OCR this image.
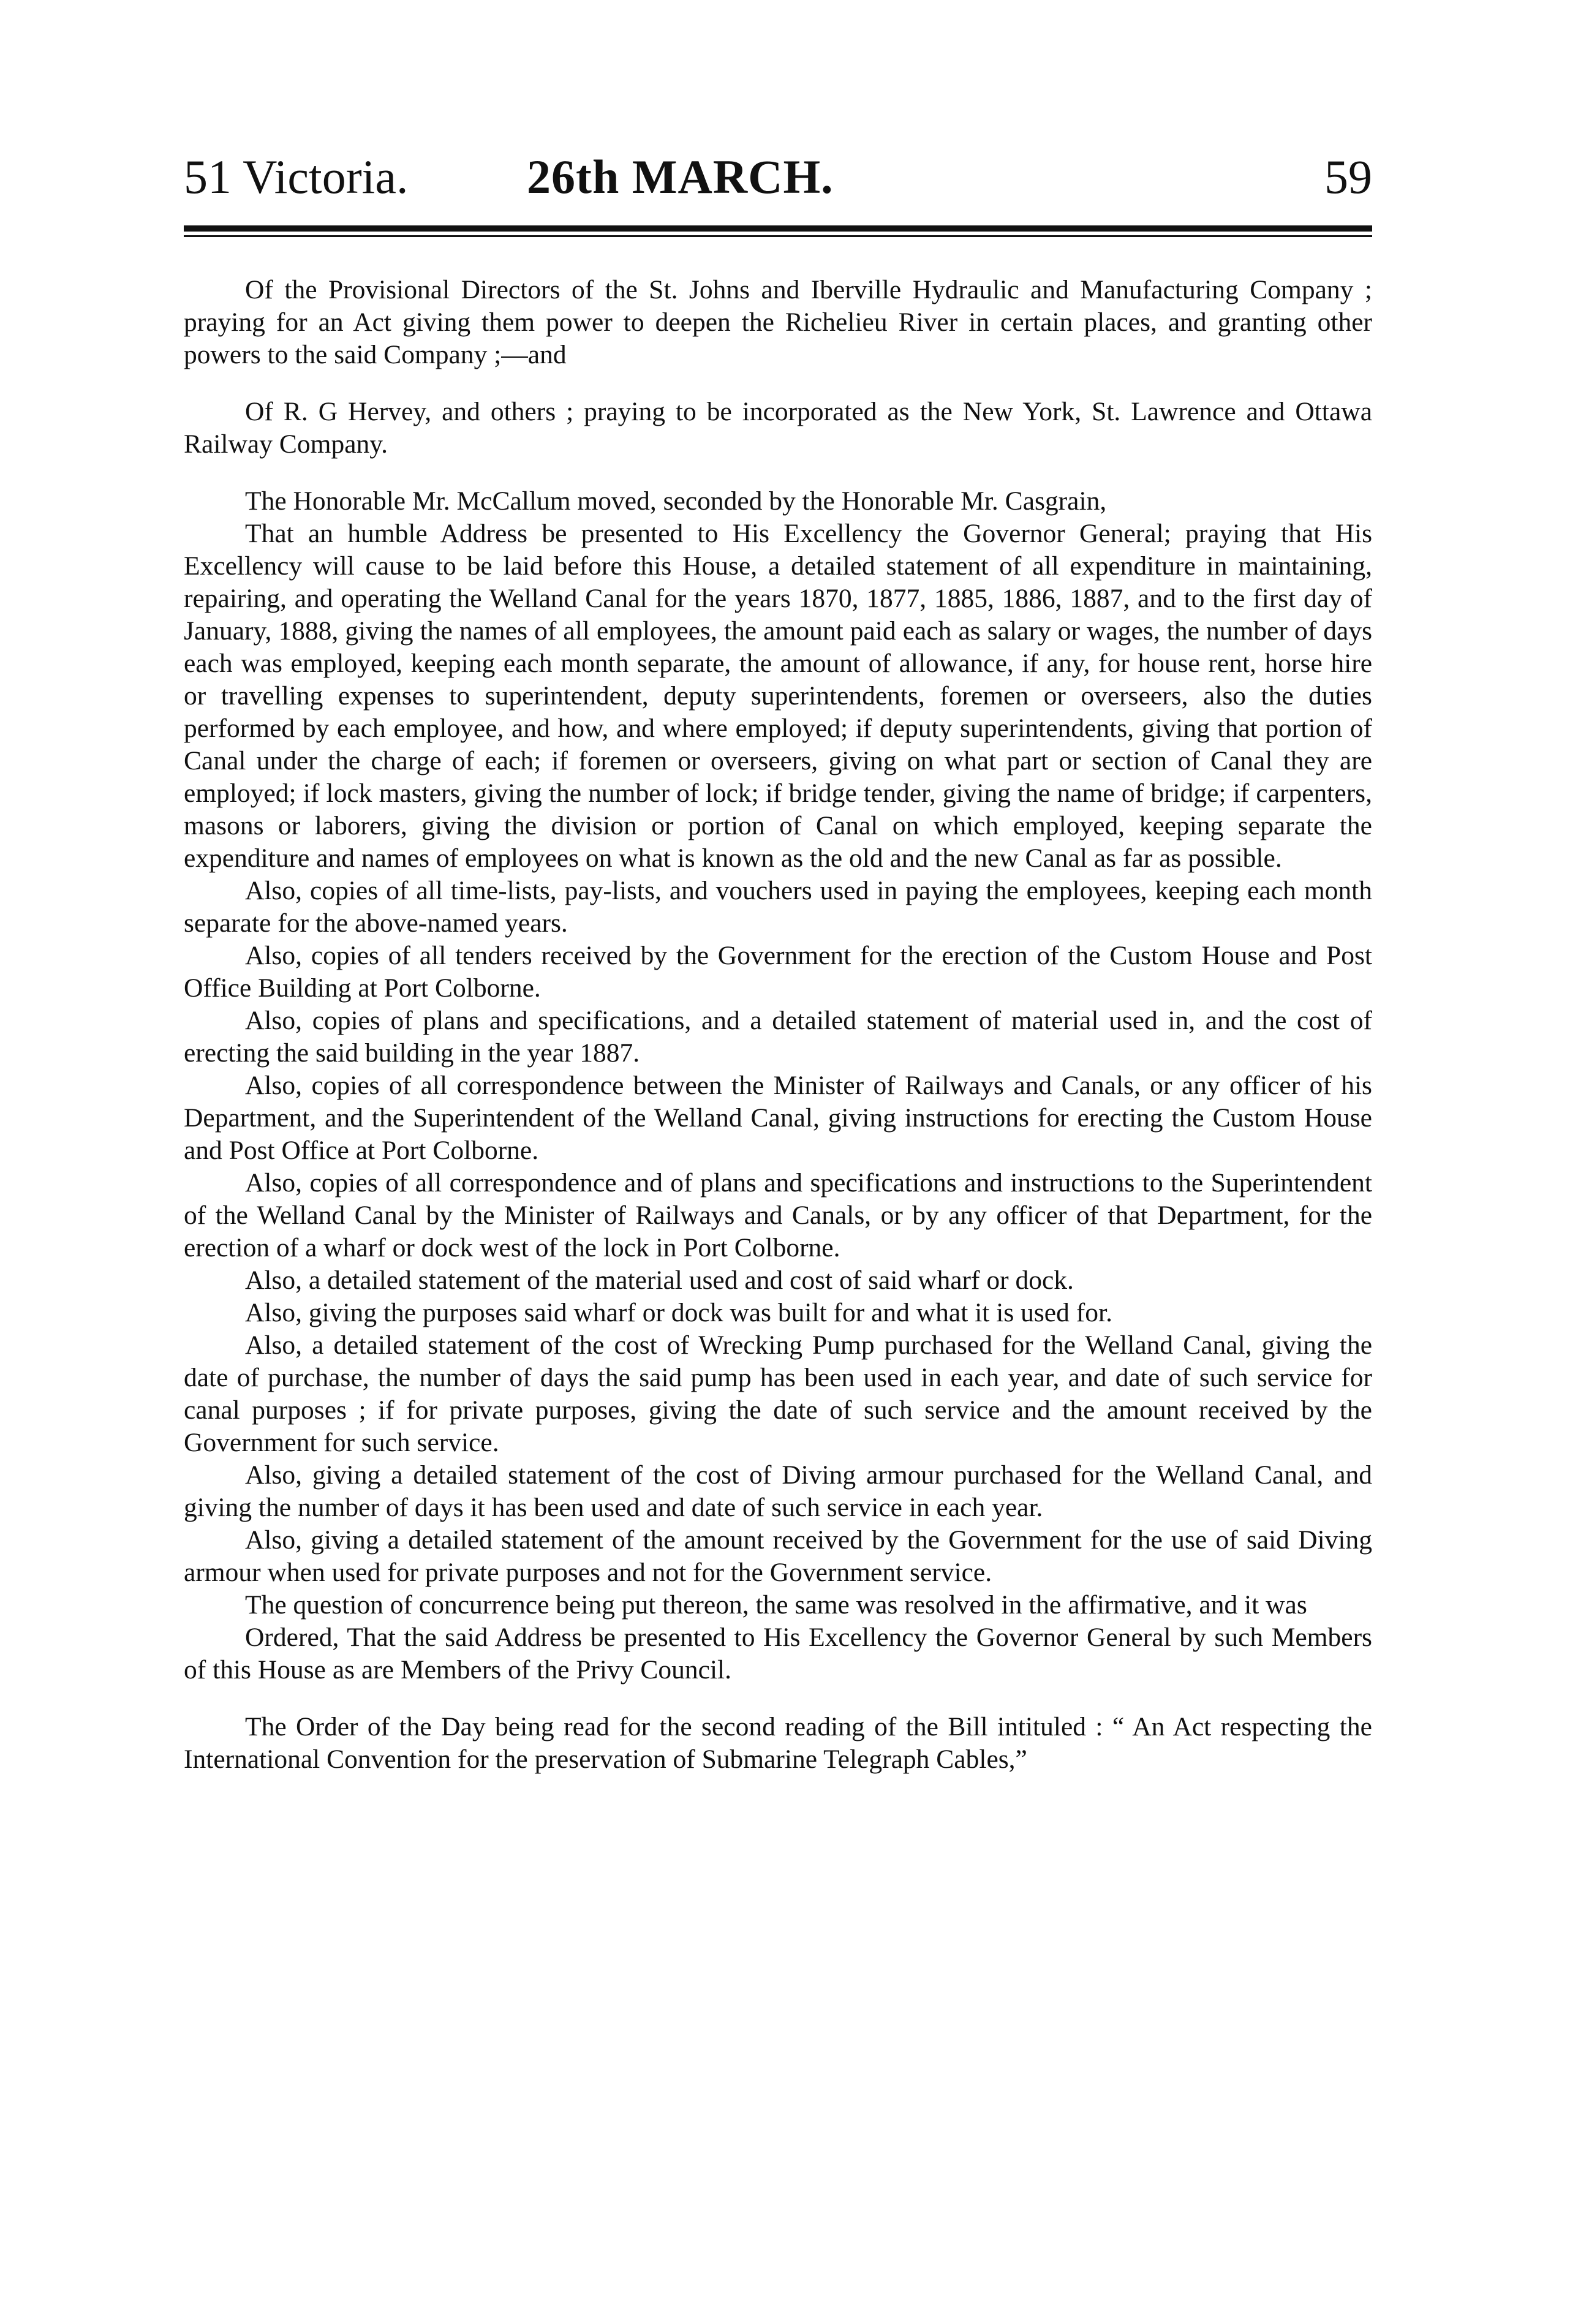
51 Victoria. 26th MARCH.	59

Of the Provisional Directors of the St. Johns and Iberville Hydraulic and Manufacturing Company ; praying for an Act giving them power to deepen the Richelieu River in certain places, and granting other powers to the said Company ;—and

Of R. G Hervey, and others ; praying to be incorporated as the New York, St. Lawrence and Ottawa Railway Company.

The Honorable Mr. McCallum moved, seconded by the Honorable Mr. Casgrain,

That an humble Address be presented to His Excellency the Governor General; praying that His Excellency will cause to be laid before this House, a detailed statement of all expenditure in maintaining, repairing, and operating the Welland Canal for the years 1870, 1877, 1885, 1886, 1887, and to the first day of January, 1888, giving the names of all employees, the amount paid each as salary or wages, the number of days each was employed, keeping each month separate, the amount of allowance, if any, for house rent, horse hire or travelling expenses to superintendent, deputy superintendents, foremen or overseers, also the duties performed by each employee, and how, and where employed; if deputy superintendents, giving that portion of Canal under the charge of each; if foremen or overseers, giving on what part or section of Canal they are employed; if lock masters, giving the number of lock; if bridge tender, giving the name of bridge; if carpenters, masons or laborers, giving the division or portion of Canal on which employed, keeping separate the expenditure and names of employees on what is known as the old and the new Canal as far as possible.

Also, copies of all time-lists, pay-lists, and vouchers used in paying the employees, keeping each month separate for the above-named years.

Also, copies of all tenders received by the Government for the erection of the Custom House and Post Office Building at Port Colborne.

Also, copies of plans and specifications, and a detailed statement of material used in, and the cost of erecting the said building in the year 1887.

Also, copies of all correspondence between the Minister of Railways and Canals, or any officer of his Department, and the Superintendent of the Welland Canal, giving instructions for erecting the Custom House and Post Office at Port Colborne.

Also, copies of all correspondence and of plans and specifications and instructions to the Superintendent of the Welland Canal by the Minister of Railways and Canals, or by any officer of that Department, for the erection of a wharf or dock west of the lock in Port Colborne.

Also, a detailed statement of the material used and cost of said wharf or dock.

Also, giving the purposes said wharf or dock was built for and what it is used for.

Also, a detailed statement of the cost of Wrecking Pump purchased for the Welland Canal, giving the date of purchase, the number of days the said pump has been used in each year, and date of such service for canal purposes ; if for private purposes, giving the date of such service and the amount received by the Government for such service.

Also, giving a detailed statement of the cost of Diving armour purchased for the Welland Canal, and giving the number of days it has been used and date of such service in each year.

Also, giving a detailed statement of the amount received by the Government for the use of said Diving armour when used for private purposes and not for the Government service.

The question of concurrence being put thereon, the same was resolved in the affirmative, and it was

Ordered, That the said Address be presented to His Excellency the Governor General by such Members of this House as are Members of the Privy Council.

The Order of the Day being read for the second reading of the Bill intituled : “ An Act respecting the International Convention for the preservation of Submarine Telegraph Cables,”
